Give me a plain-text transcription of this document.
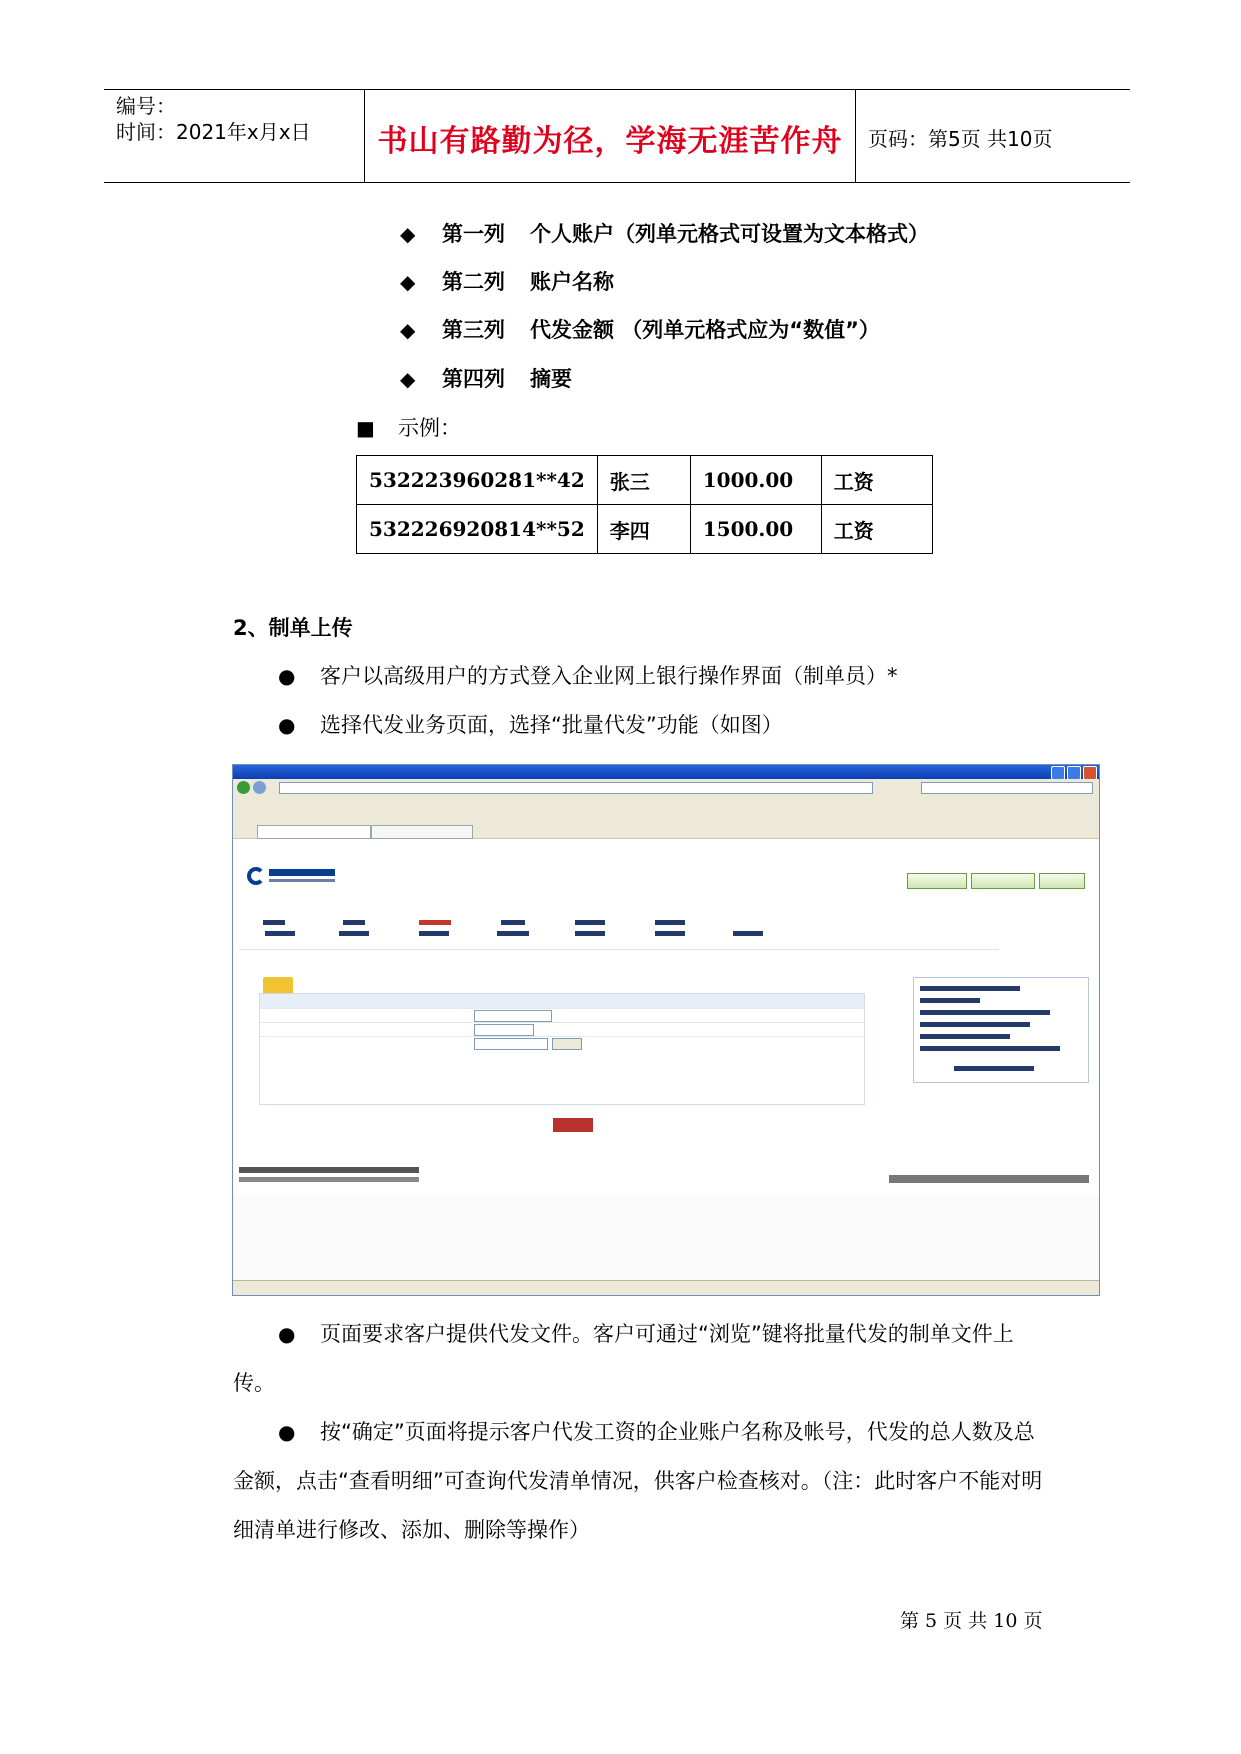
编号：
时间：2021年x月x日	书山有路勤为径，学海无涯苦作舟	页码：第5页 共10页
◆ 第一列 个人账户（列单元格式可设置为文本格式）
◆ 第二列 账户名称
◆ 第三列 代发金额 （列单元格式应为“数值”）
◆ 第四列 摘要
■ 示例：
532223960281**42	张三	1000.00	工资
532226920814**52	李四	1500.00	工资
2、制单上传
● 客户以高级用户的方式登入企业网上银行操作界面（制单员）*
● 选择代发业务页面，选择“批量代发”功能（如图）
●	页面要求客户提供代发文件。客户可通过“浏览”键将批量代发的制单文件上传。
●	按“确定”页面将提示客户代发工资的企业账户名称及帐号，代发的总人数及总金额，点击“查看明细”可查询代发清单情况，供客户检查核对。（注：此时客户不能对明细清单进行修改、添加、删除等操作）
第 5 页 共 10 页
